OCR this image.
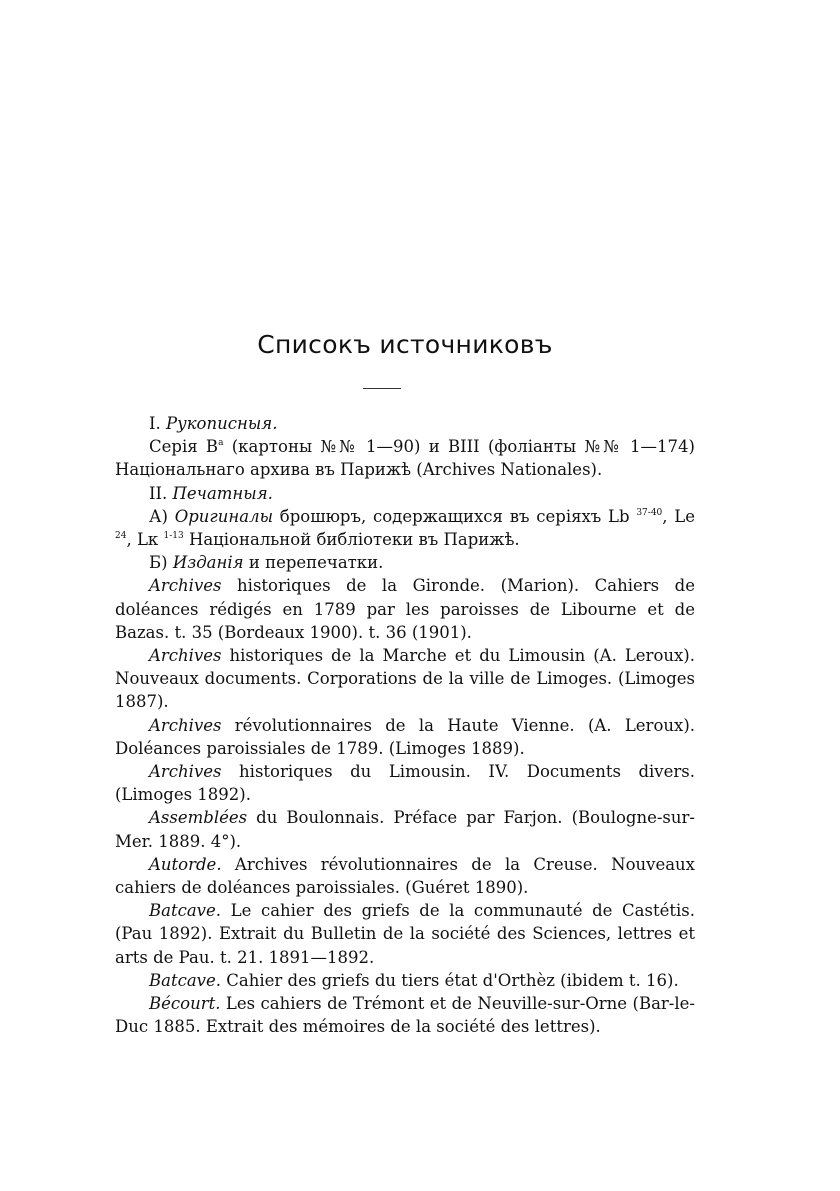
Списокъ источниковъ

I. Рукописныя.

Серія $B^a$ (картоны №№ 1—90) и BIII (фоліанты №№ 1—174) Національнаго архива въ Парижѣ (Archives Nationales).

II. Печатныя.

А) Оригиналы брошюръ, содержащихся въ серіяхъ Lb $^{37-40}$, Le $^{24}$, Lк $^{1-13}$ Національной библіотеки въ Парижѣ.

Б) Изданія и перепечатки.

Archives historiques de la Gironde. (Marion). Cahiers de doléances rédigés en 1789 par les paroisses de Libourne et de Bazas. t. 35 (Bordeaux 1900). t. 36 (1901).

Archives historiques de la Marche et du Limousin (A. Leroux). Nouveaux documents. Corporations de la ville de Limoges. (Limoges 1887).

Archives révolutionnaires de la Haute Vienne. (A. Leroux). Doléances paroissiales de 1789. (Limoges 1889).

Archives historiques du Limousin. IV. Documents divers. (Limoges 1892).

Assemblées du Boulonnais. Préface par Farjon. (Boulogne-sur-Mer. 1889. 4°).

Autorde. Archives révolutionnaires de la Creuse. Nouveaux cahiers de doléances paroissiales. (Guéret 1890).

Batcave. Le cahier des griefs de la communauté de Castétis. (Pau 1892). Extrait du Bulletin de la société des Sciences, lettres et arts de Pau. t. 21. 1891—1892.

Batcave. Cahier des griefs du tiers état d'Orthèz (ibidem t. 16).

Bécourt. Les cahiers de Trémont et de Neuville-sur-Orne (Bar-le-Duc 1885. Extrait des mémoires de la société des lettres).
